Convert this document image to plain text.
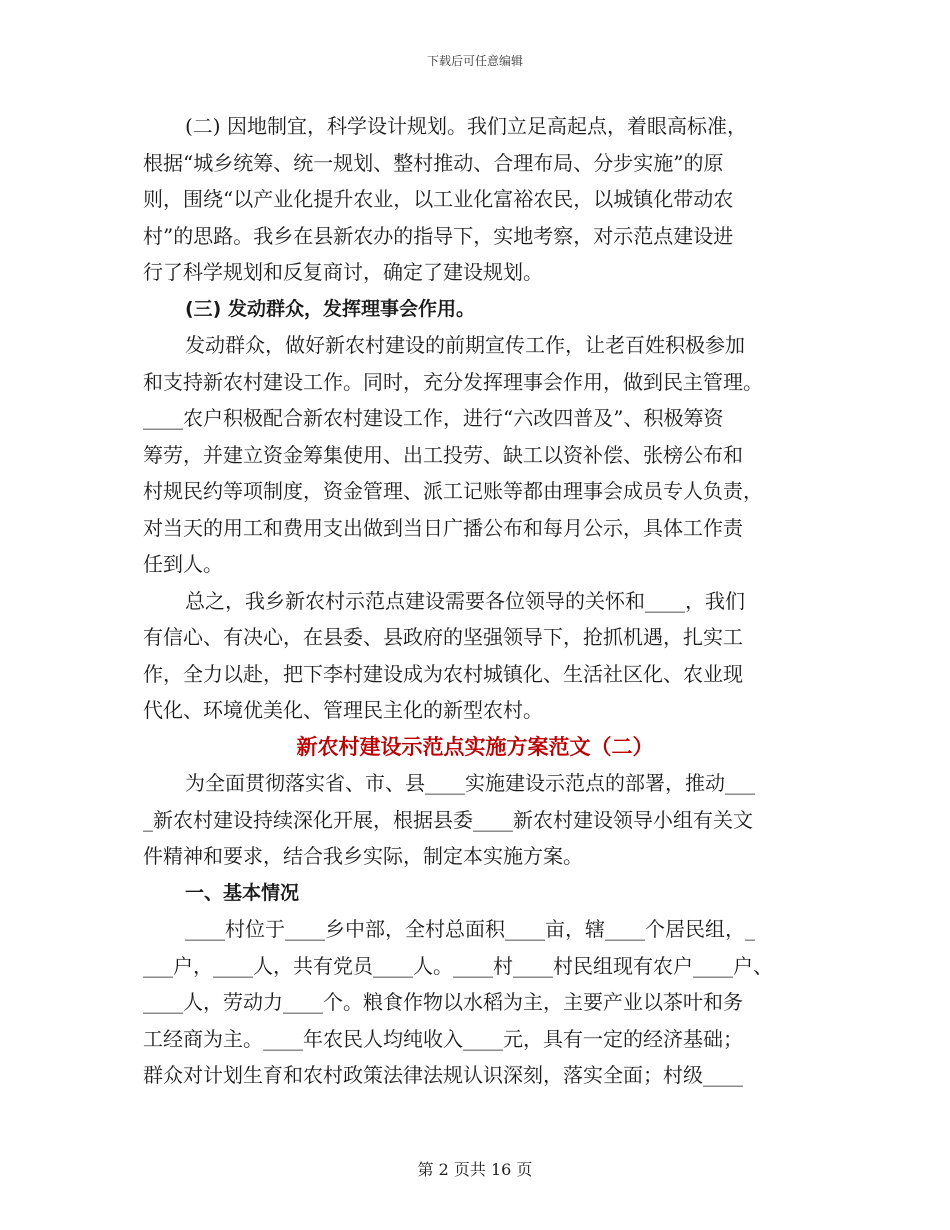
下载后可任意编辑
(二) 因地制宜，科学设计规划。我们立足高起点，着眼高标准，
根据“城乡统筹、统一规划、整村推动、合理布局、分步实施”的原
则，围绕“以产业化提升农业，以工业化富裕农民，以城镇化带动农
村”的思路。我乡在县新农办的指导下，实地考察，对示范点建设进
行了科学规划和反复商讨，确定了建设规划。
(三) 发动群众，发挥理事会作用。
发动群众，做好新农村建设的前期宣传工作，让老百姓积极参加
和支持新农村建设工作。同时，充分发挥理事会作用，做到民主管理。
____农户积极配合新农村建设工作，进行“六改四普及”、积极筹资
筹劳，并建立资金筹集使用、出工投劳、缺工以资补偿、张榜公布和
村规民约等项制度，资金管理、派工记账等都由理事会成员专人负责，
对当天的用工和费用支出做到当日广播公布和每月公示，具体工作责
任到人。
总之，我乡新农村示范点建设需要各位领导的关怀和____，我们
有信心、有决心，在县委、县政府的坚强领导下，抢抓机遇，扎实工
作，全力以赴，把下李村建设成为农村城镇化、生活社区化、农业现
代化、环境优美化、管理民主化的新型农村。
新农村建设示范点实施方案范文（二）
为全面贯彻落实省、市、县____实施建设示范点的部署，推动___
_新农村建设持续深化开展，根据县委____新农村建设领导小组有关文
件精神和要求，结合我乡实际，制定本实施方案。
一、基本情况
____村位于____乡中部，全村总面积____亩，辖____个居民组，_
___户，____人，共有党员____人。____村____村民组现有农户____户、
____人，劳动力____个。粮食作物以水稻为主，主要产业以茶叶和务
工经商为主。____年农民人均纯收入____元，具有一定的经济基础；
群众对计划生育和农村政策法律法规认识深刻，落实全面；村级____
第 2 页共 16 页
